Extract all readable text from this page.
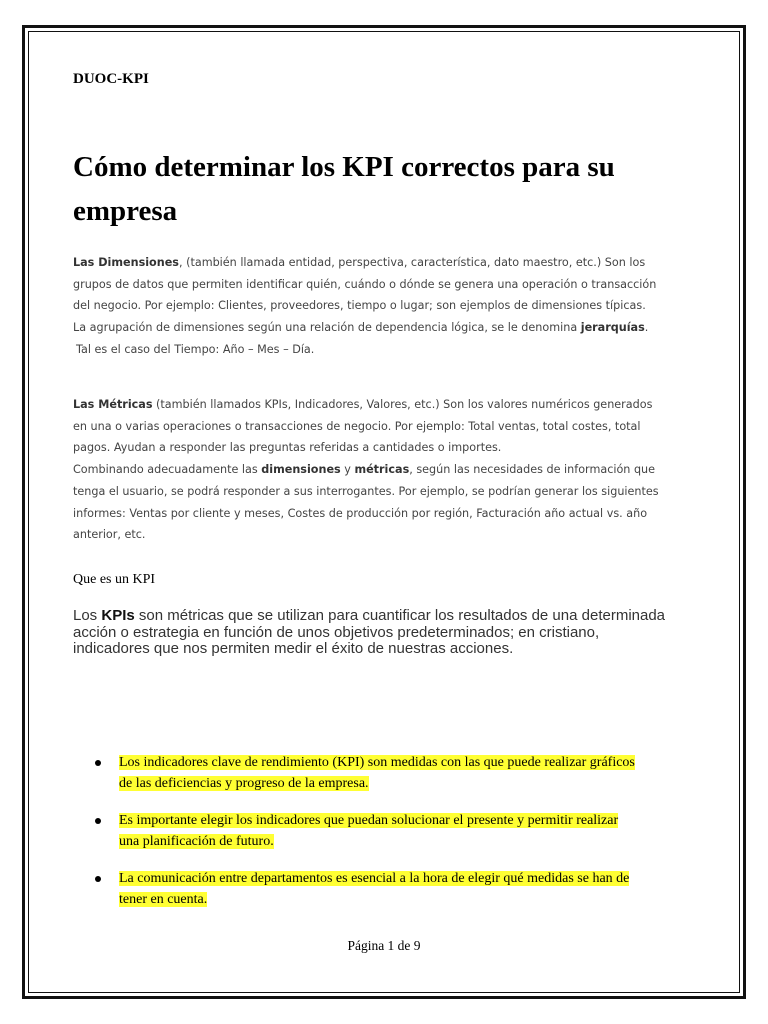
DUOC-KPI
Cómo determinar los KPI correctos para su empresa

Las Dimensiones, (también llamada entidad, perspectiva, característica, dato maestro, etc.) Son los
grupos de datos que permiten identificar quién, cuándo o dónde se genera una operación o transacción
del negocio. Por ejemplo: Clientes, proveedores, tiempo o lugar; son ejemplos de dimensiones típicas.
La agrupación de dimensiones según una relación de dependencia lógica, se le denomina jerarquías.
Tal es el caso del Tiempo: Año – Mes – Día.

Las Métricas (también llamados KPIs, Indicadores, Valores, etc.) Son los valores numéricos generados
en una o varias operaciones o transacciones de negocio. Por ejemplo: Total ventas, total costes, total
pagos. Ayudan a responder las preguntas referidas a cantidades o importes.
Combinando adecuadamente las dimensiones y métricas, según las necesidades de información que
tenga el usuario, se podrá responder a sus interrogantes. Por ejemplo, se podrían generar los siguientes
informes: Ventas por cliente y meses, Costes de producción por región, Facturación año actual vs. año
anterior, etc.

Que es un KPI

Los KPIs son métricas que se utilizan para cuantificar los resultados de una determinada
acción o estrategia en función de unos objetivos predeterminados; en cristiano,
indicadores que nos permiten medir el éxito de nuestras acciones.

Los indicadores clave de rendimiento (KPI) son medidas con las que puede realizar gráficos
de las deficiencias y progreso de la empresa.
Es importante elegir los indicadores que puedan solucionar el presente y permitir realizar
una planificación de futuro.
La comunicación entre departamentos es esencial a la hora de elegir qué medidas se han de
tener en cuenta.
Página 1 de 9
